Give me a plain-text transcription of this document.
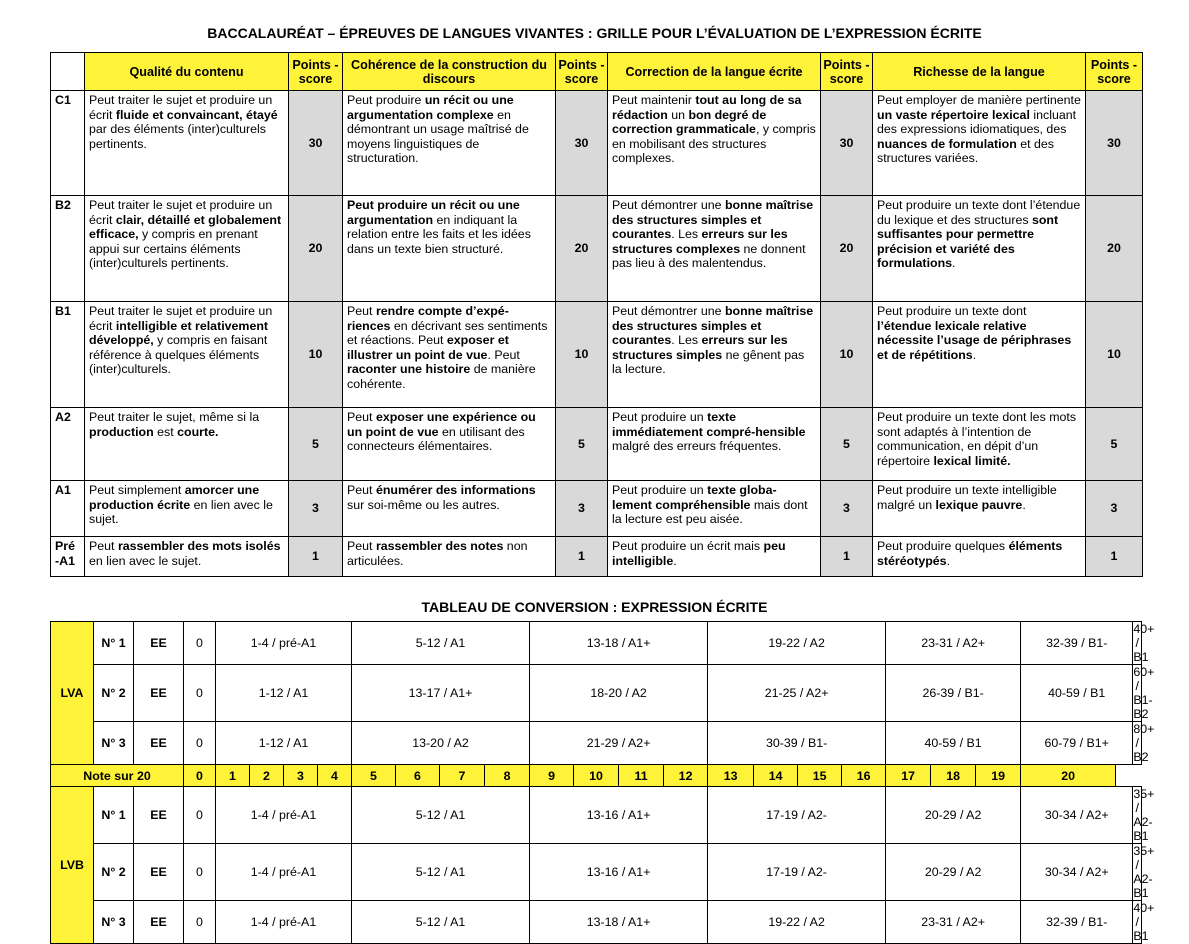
BACCALAURÉAT – ÉPREUVES DE LANGUES VIVANTES : GRILLE POUR L’ÉVALUATION DE L’EXPRESSION ÉCRITE
	Qualité du contenu	Points -score	Cohérence de la construction du discours	Points -score	Correction de la langue écrite	Points -score	Richesse de la langue	Points -score
C1	Peut traiter le sujet et produire un écrit fluide et convaincant, étayé par des éléments (inter)culturels pertinents.	30	Peut produire un récit ou une argumentation complexe en démontrant un usage maîtrisé de moyens linguistiques de structuration.	30	Peut maintenir tout au long de sa rédaction un bon degré de correction grammaticale, y compris en mobilisant des structures complexes.	30	Peut employer de manière pertinente un vaste répertoire lexical incluant des expressions idiomatiques, des nuances de formulation et des structures variées.	30
B2	Peut traiter le sujet et produire un écrit clair, détaillé et globalement efficace, y compris en prenant appui sur certains éléments (inter)culturels pertinents.	20	Peut produire un récit ou une argumentation en indiquant la relation entre les faits et les idées dans un texte bien structuré.	20	Peut démontrer une bonne maîtrise des structures simples et courantes. Les erreurs sur les structures complexes ne donnent pas lieu à des malentendus.	20	Peut produire un texte dont l’étendue du lexique et des structures sont suffisantes pour permettre précision et variété des formulations.	20
B1	Peut traiter le sujet et produire un écrit intelligible et relativement développé, y compris en faisant référence à quelques éléments (inter)culturels.	10	Peut rendre compte d’expé-riences en décrivant ses sentiments et réactions. Peut exposer et illustrer un point de vue. Peut raconter une histoire de manière cohérente.	10	Peut démontrer une bonne maîtrise des structures simples et courantes. Les erreurs sur les structures simples ne gênent pas la lecture.	10	Peut produire un texte dont l’étendue lexicale relative nécessite l’usage de périphrases et de répétitions.	10
A2	Peut traiter le sujet, même si la production est courte.	5	Peut exposer une expérience ou un point de vue en utilisant des connecteurs élémentaires.	5	Peut produire un texte immédiatement compré-hensible malgré des erreurs fréquentes.	5	Peut produire un texte dont les mots sont adaptés à l’intention de communication, en dépit d’un répertoire lexical limité.	5
A1	Peut simplement amorcer une production écrite en lien avec le sujet.	3	Peut énumérer des informations sur soi-même ou les autres.	3	Peut produire un texte globa-lement compréhensible mais dont la lecture est peu aisée.	3	Peut produire un texte intelligible malgré un lexique pauvre.	3
Pré -A1	Peut rassembler des mots isolés en lien avec le sujet.	1	Peut rassembler des notes non articulées.	1	Peut produire un écrit mais peu intelligible.	1	Peut produire quelques éléments stéréotypés.	1
TABLEAU DE CONVERSION : EXPRESSION ÉCRITE
LVA	N° 1	EE	0	1-4 / pré-A1				5-12 / A1				13-18 / A1+				19-22 / A2				23-31 / A2+			32-39 / B1-	40+ / B1
	N° 2	EE	0	1-12 / A1				13-17 / A1+				18-20 / A2				21-25 / A2+				26-39 / B1-			40-59 / B1	60+ / B1-B2
	N° 3	EE	0	1-12 / A1				13-20 / A2				21-29 / A2+				30-39 / B1-				40-59 / B1			60-79 / B1+	80+ / B2
Note sur 20			0	1	2	3	4	5	6	7	8	9	10	11	12	13	14	15	16	17	18	19	20	
LVB	N° 1	EE	0	1-4 / pré-A1				5-12 / A1				13-16 / A1+				17-19 / A2-				20-29 / A2			30-34 / A2+	35+ / A2-B1
	N° 2	EE	0	1-4 / pré-A1				5-12 / A1				13-16 / A1+				17-19 / A2-				20-29 / A2			30-34 / A2+	35+ / A2-B1
	N° 3	EE	0	1-4 / pré-A1				5-12 / A1				13-18 / A1+				19-22 / A2				23-31 / A2+			32-39 / B1-	40+ / B1
